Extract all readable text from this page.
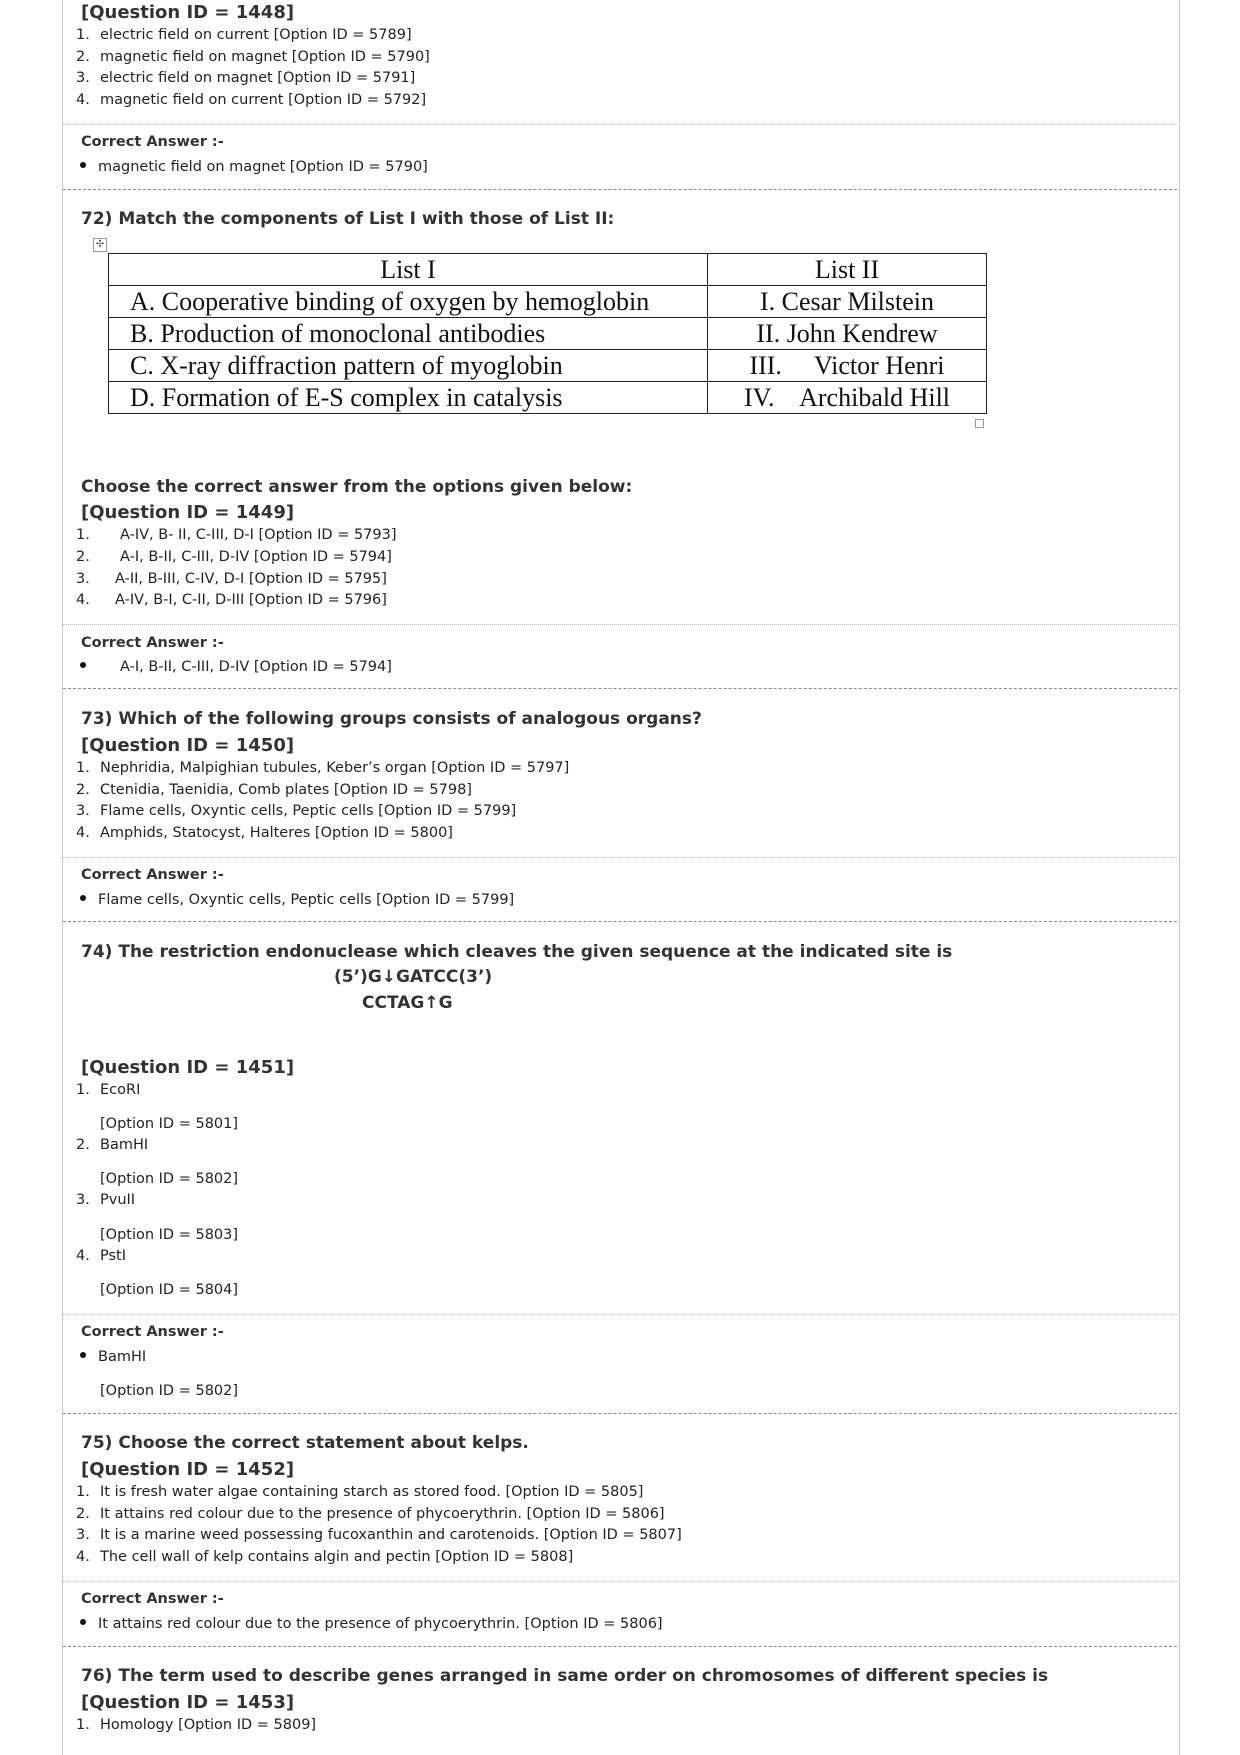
[Question ID = 1448]
1. electric field on current [Option ID = 5789]
2. magnetic field on magnet [Option ID = 5790]
3. electric field on magnet [Option ID = 5791]
4. magnetic field on current [Option ID = 5792]
Correct Answer :-
magnetic field on magnet [Option ID = 5790]
72) Match the components of List I with those of List II:
✣
List I	List II
A. Cooperative binding of oxygen by hemoglobin	I. Cesar Milstein
B. Production of monoclonal antibodies	II. John Kendrew
C. X-ray diffraction pattern of myoglobin	III.     Victor Henri
D. Formation of E-S complex in catalysis	IV.    Archibald Hill
Choose the correct answer from the options given below:
[Question ID = 1449]
1. A-IV, B- II, C-III, D-I [Option ID = 5793]
2. A-I, B-II, C-III, D-IV [Option ID = 5794]
3. A-II, B-III, C-IV, D-I [Option ID = 5795]
4. A-IV, B-I, C-II, D-III [Option ID = 5796]
Correct Answer :-
A-I, B-II, C-III, D-IV [Option ID = 5794]
73) Which of the following groups consists of analogous organs?
[Question ID = 1450]
1. Nephridia, Malpighian tubules, Keber’s organ [Option ID = 5797]
2. Ctenidia, Taenidia, Comb plates [Option ID = 5798]
3. Flame cells, Oxyntic cells, Peptic cells [Option ID = 5799]
4. Amphids, Statocyst, Halteres [Option ID = 5800]
Correct Answer :-
Flame cells, Oxyntic cells, Peptic cells [Option ID = 5799]
74) The restriction endonuclease which cleaves the given sequence at the indicated site is
(5’)G↓GATCC(3’)
CCTAG↑G
[Question ID = 1451]
1. EcoRI
[Option ID = 5801]
2. BamHI
[Option ID = 5802]
3. PvuII
[Option ID = 5803]
4. PstI
[Option ID = 5804]
Correct Answer :-
BamHI
[Option ID = 5802]
75) Choose the correct statement about kelps.
[Question ID = 1452]
1. It is fresh water algae containing starch as stored food. [Option ID = 5805]
2. It attains red colour due to the presence of phycoerythrin. [Option ID = 5806]
3. It is a marine weed possessing fucoxanthin and carotenoids. [Option ID = 5807]
4. The cell wall of kelp contains algin and pectin [Option ID = 5808]
Correct Answer :-
It attains red colour due to the presence of phycoerythrin. [Option ID = 5806]
76) The term used to describe genes arranged in same order on chromosomes of different species is
[Question ID = 1453]
1. Homology [Option ID = 5809]
